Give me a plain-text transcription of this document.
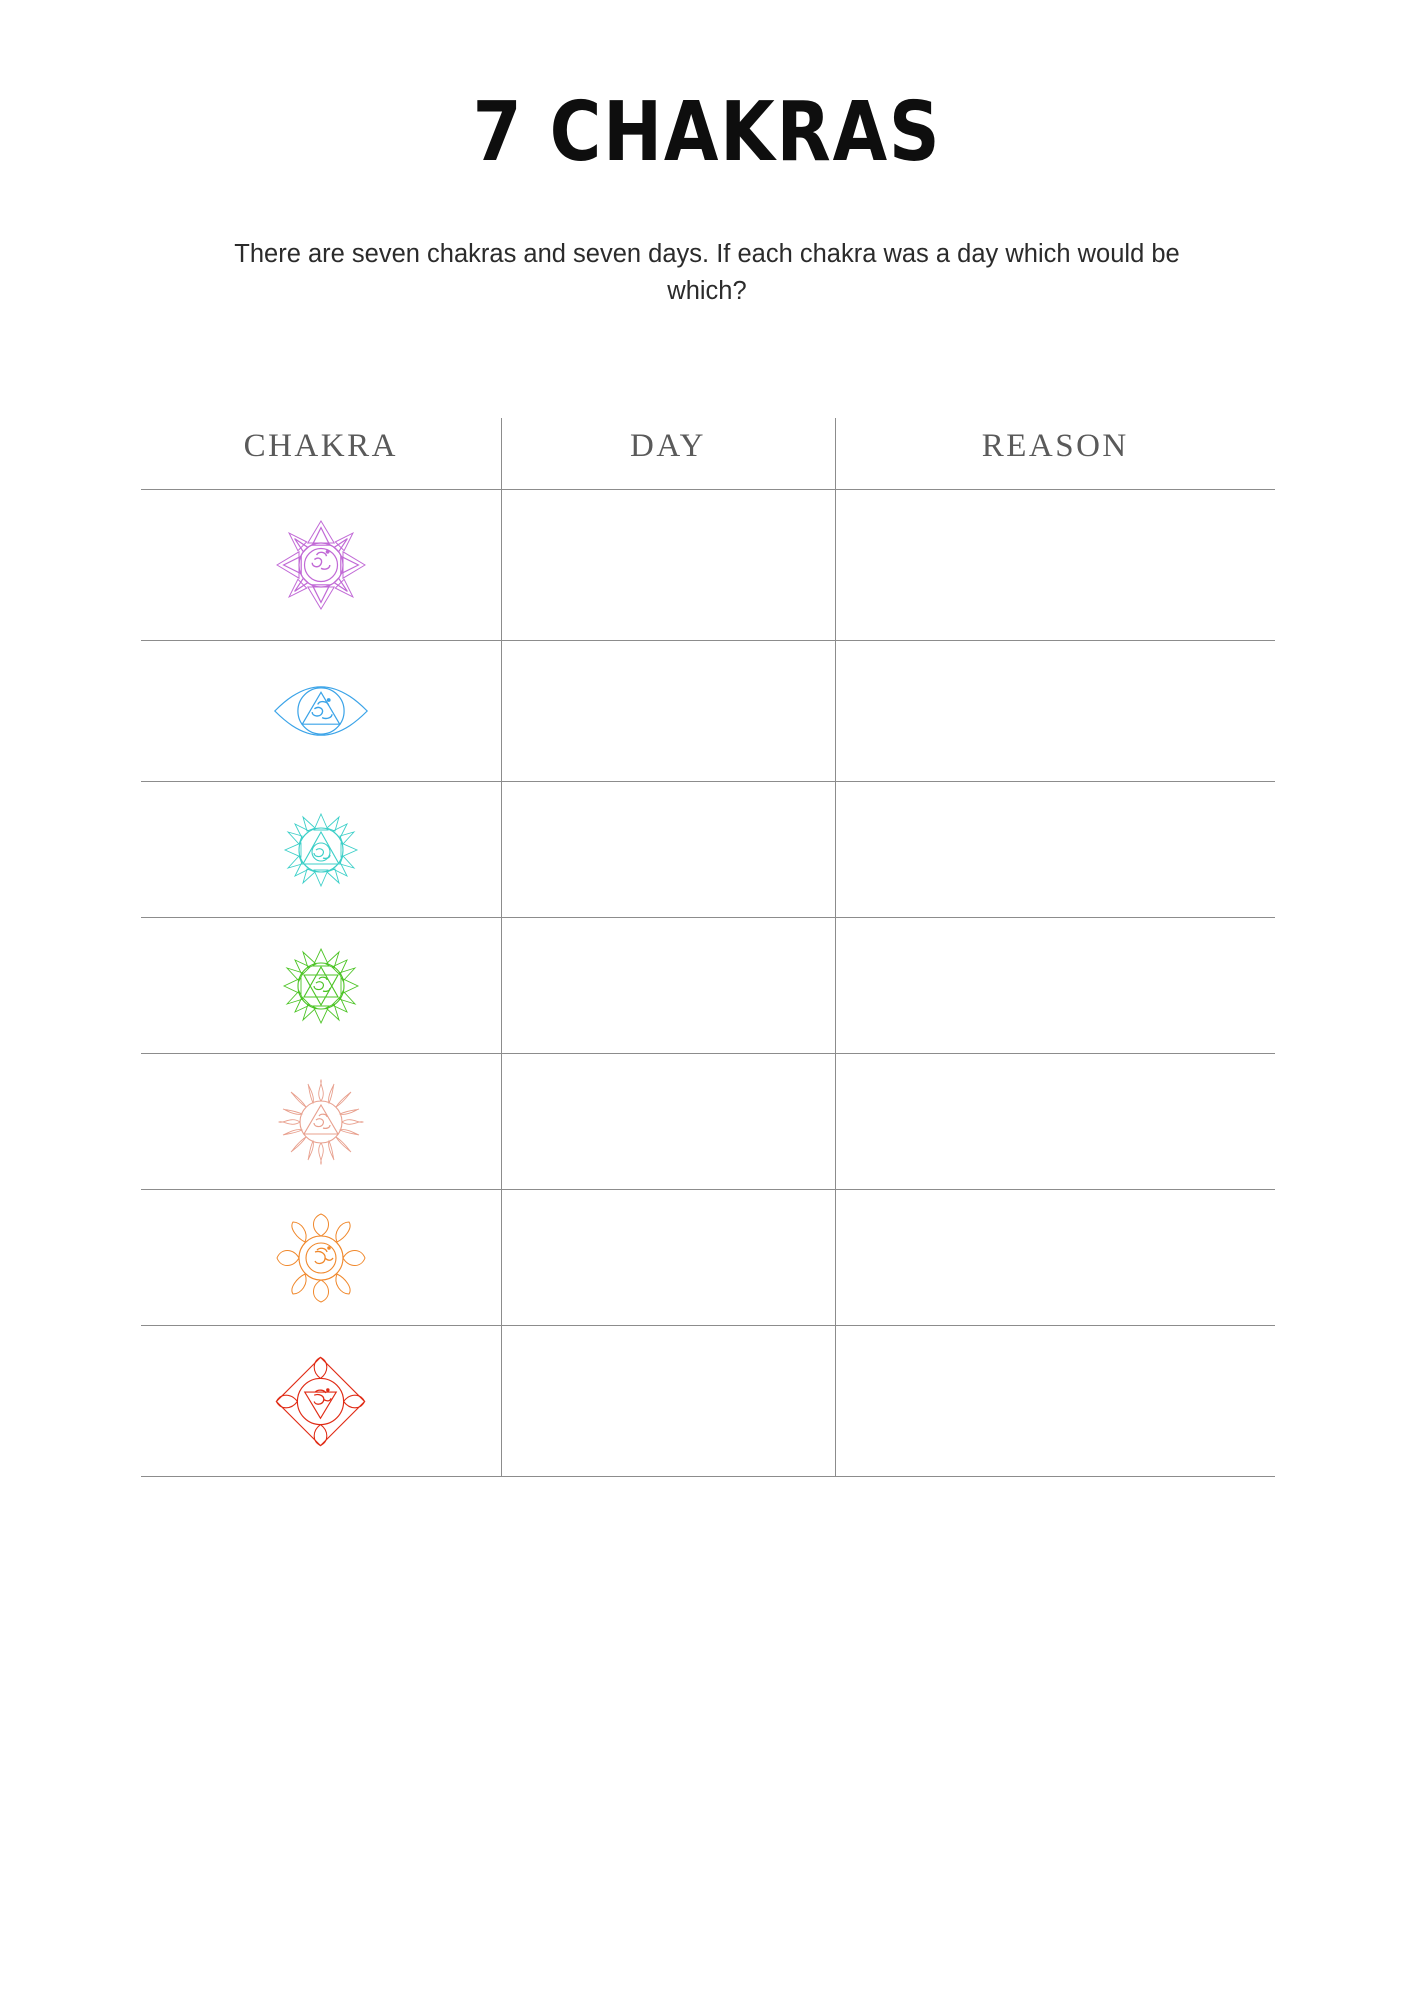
7 CHAKRAS

There are seven chakras and seven days. If each chakra was a day which would be which?

CHAKRA	DAY	REASON
